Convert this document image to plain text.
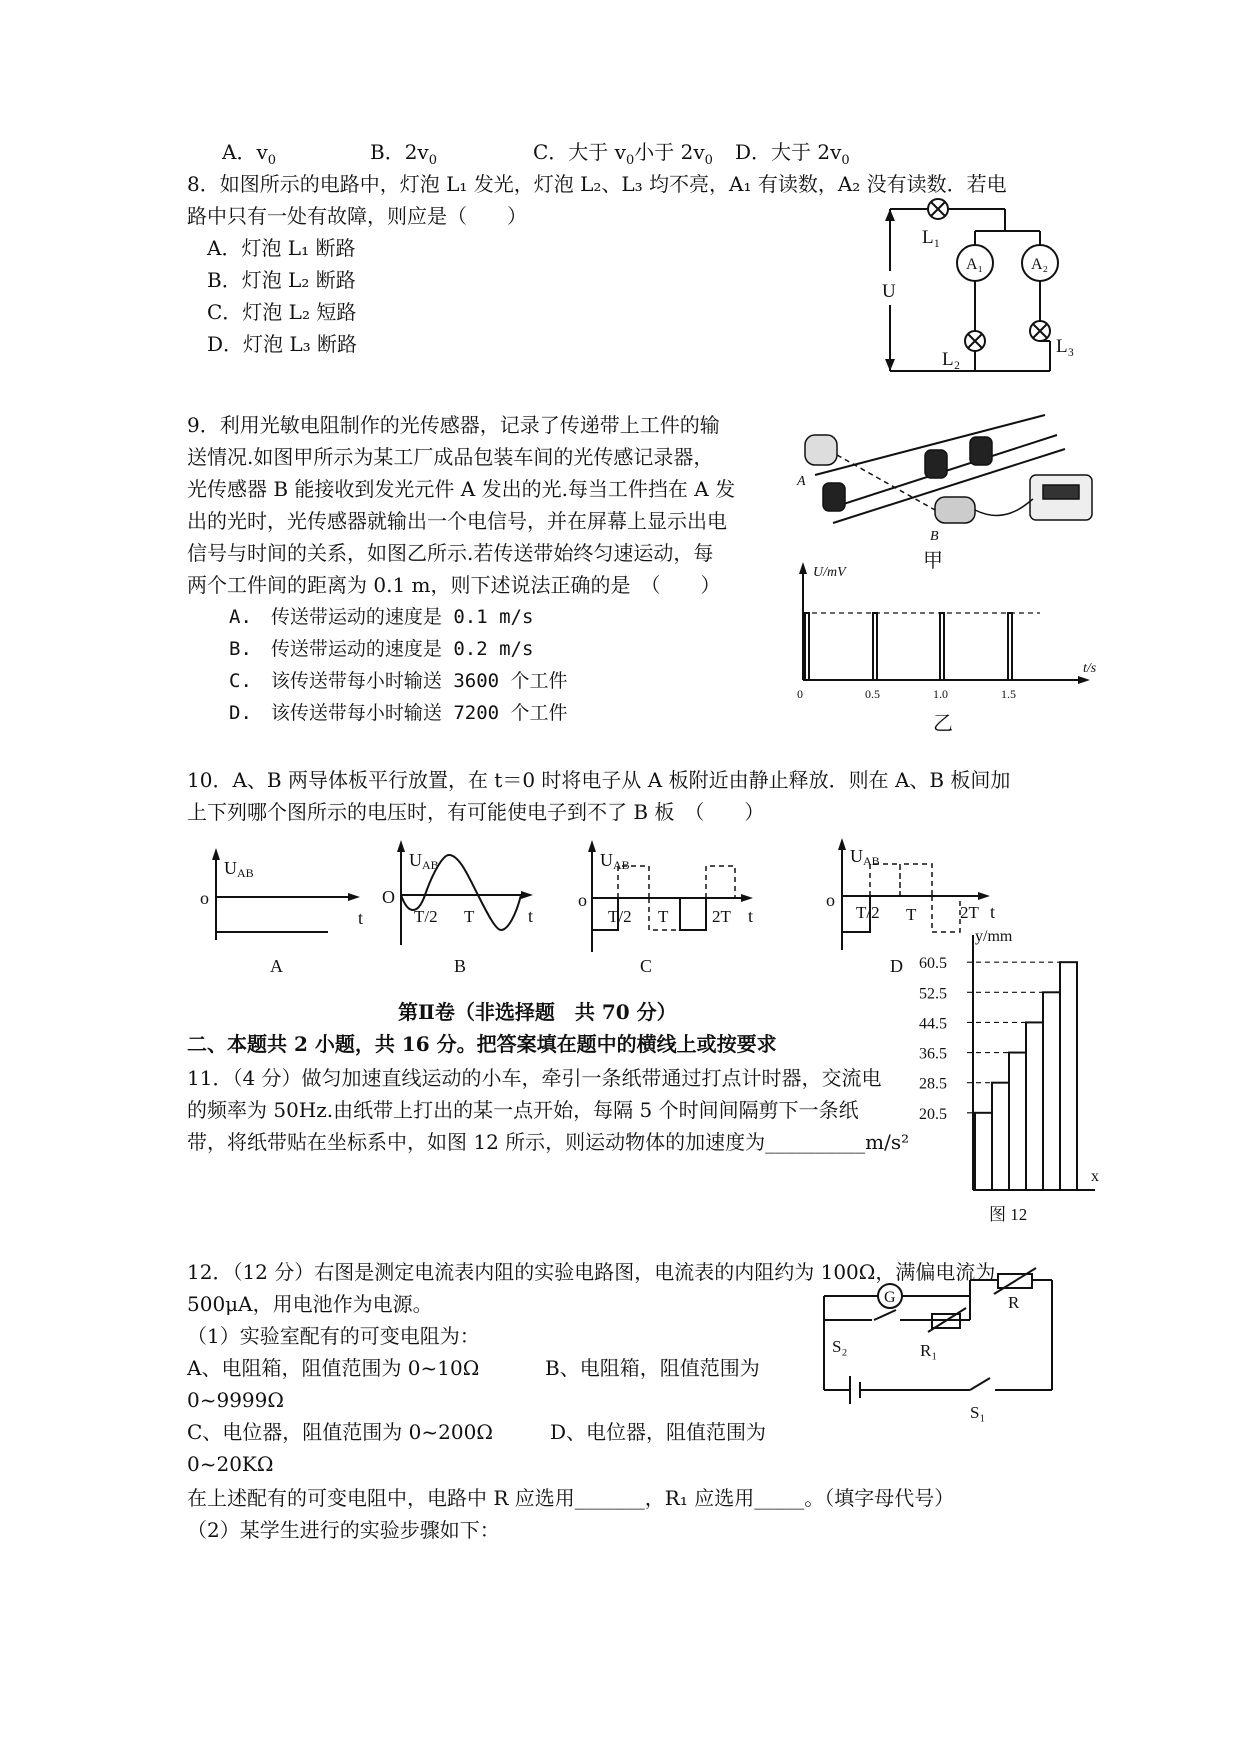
A．$v_0$	B．$2v_0$	C．大于 $v_0$小于 $2v_0$ D．大于 $2v_0$
8．如图所示的电路中，灯泡 L₁ 发光，灯泡 L₂、L₃ 均不亮，A₁ 有读数，A₂ 没有读数．若电
路中只有一处有故障，则应是（　　）
A．灯泡 L₁ 断路
B．灯泡 L₂ 断路
C．灯泡 L₂ 短路
D．灯泡 L₃ 断路
L₁
U
A₁	A₂
L₂
L₃
9．利用光敏电阻制作的光传感器，记录了传递带上工件的输
送情况.如图甲所示为某工厂成品包装车间的光传感记录器，
光传感器 B 能接收到发光元件 A 发出的光.每当工件挡在 A 发
出的光时，光传感器就输出一个电信号，并在屏幕上显示出电
信号与时间的关系，如图乙所示.若传送带始终匀速运动，每
两个工件间的距离为 0.1 m，则下述说法正确的是　（　　）
A.　传送带运动的速度是 0.1 m/s
B.　传送带运动的速度是 0.2 m/s
C.　该传送带每小时输送 3600 个工件
D.　该传送带每小时输送 7200 个工件
A
B
甲
U/mV
t/s
0	0.5	1.0	1.5
乙
10．A、B 两导体板平行放置，在 t＝0 时将电子从 A 板附近由静止释放．则在 A、B 板间加
上下列哪个图所示的电压时，有可能使电子到不了 B 板　（　　）
UAB
o
t
A
UAB
O
T/2 T	t
B
UAB
o
T/2 T	2T t
C
UAB
o
T/2 T	2T t
D
第Ⅱ卷（非选择题　共 70 分）
二、本题共 2 小题，共 16 分。把答案填在题中的横线上或按要求
11．（4 分）做匀加速直线运动的小车，牵引一条纸带通过打点计时器，交流电
的频率为 50Hz.由纸带上打出的某一点开始，每隔 5 个时间间隔剪下一条纸
带，将纸带贴在坐标系中，如图 12 所示，则运动物体的加速度为__________m/s²
60.5
52.5
44.5
36.5
28.5
20.5
y/mm
x
图 12
12．（12 分）右图是测定电流表内阻的实验电路图，电流表的内阻约为 100Ω，满偏电流为
500μA，用电池作为电源。
（1）实验室配有的可变电阻为：
A、电阻箱，阻值范围为 0~10Ω	B、电阻箱，阻值范围为
0~9999Ω
C、电位器，阻值范围为 0~200Ω	D、电位器，阻值范围为
0~20KΩ
在上述配有的可变电阻中，电路中 R 应选用_______，R₁ 应选用_____。（填字母代号）
（2）某学生进行的实验步骤如下：
G	R
S₂	R₁
S₁
